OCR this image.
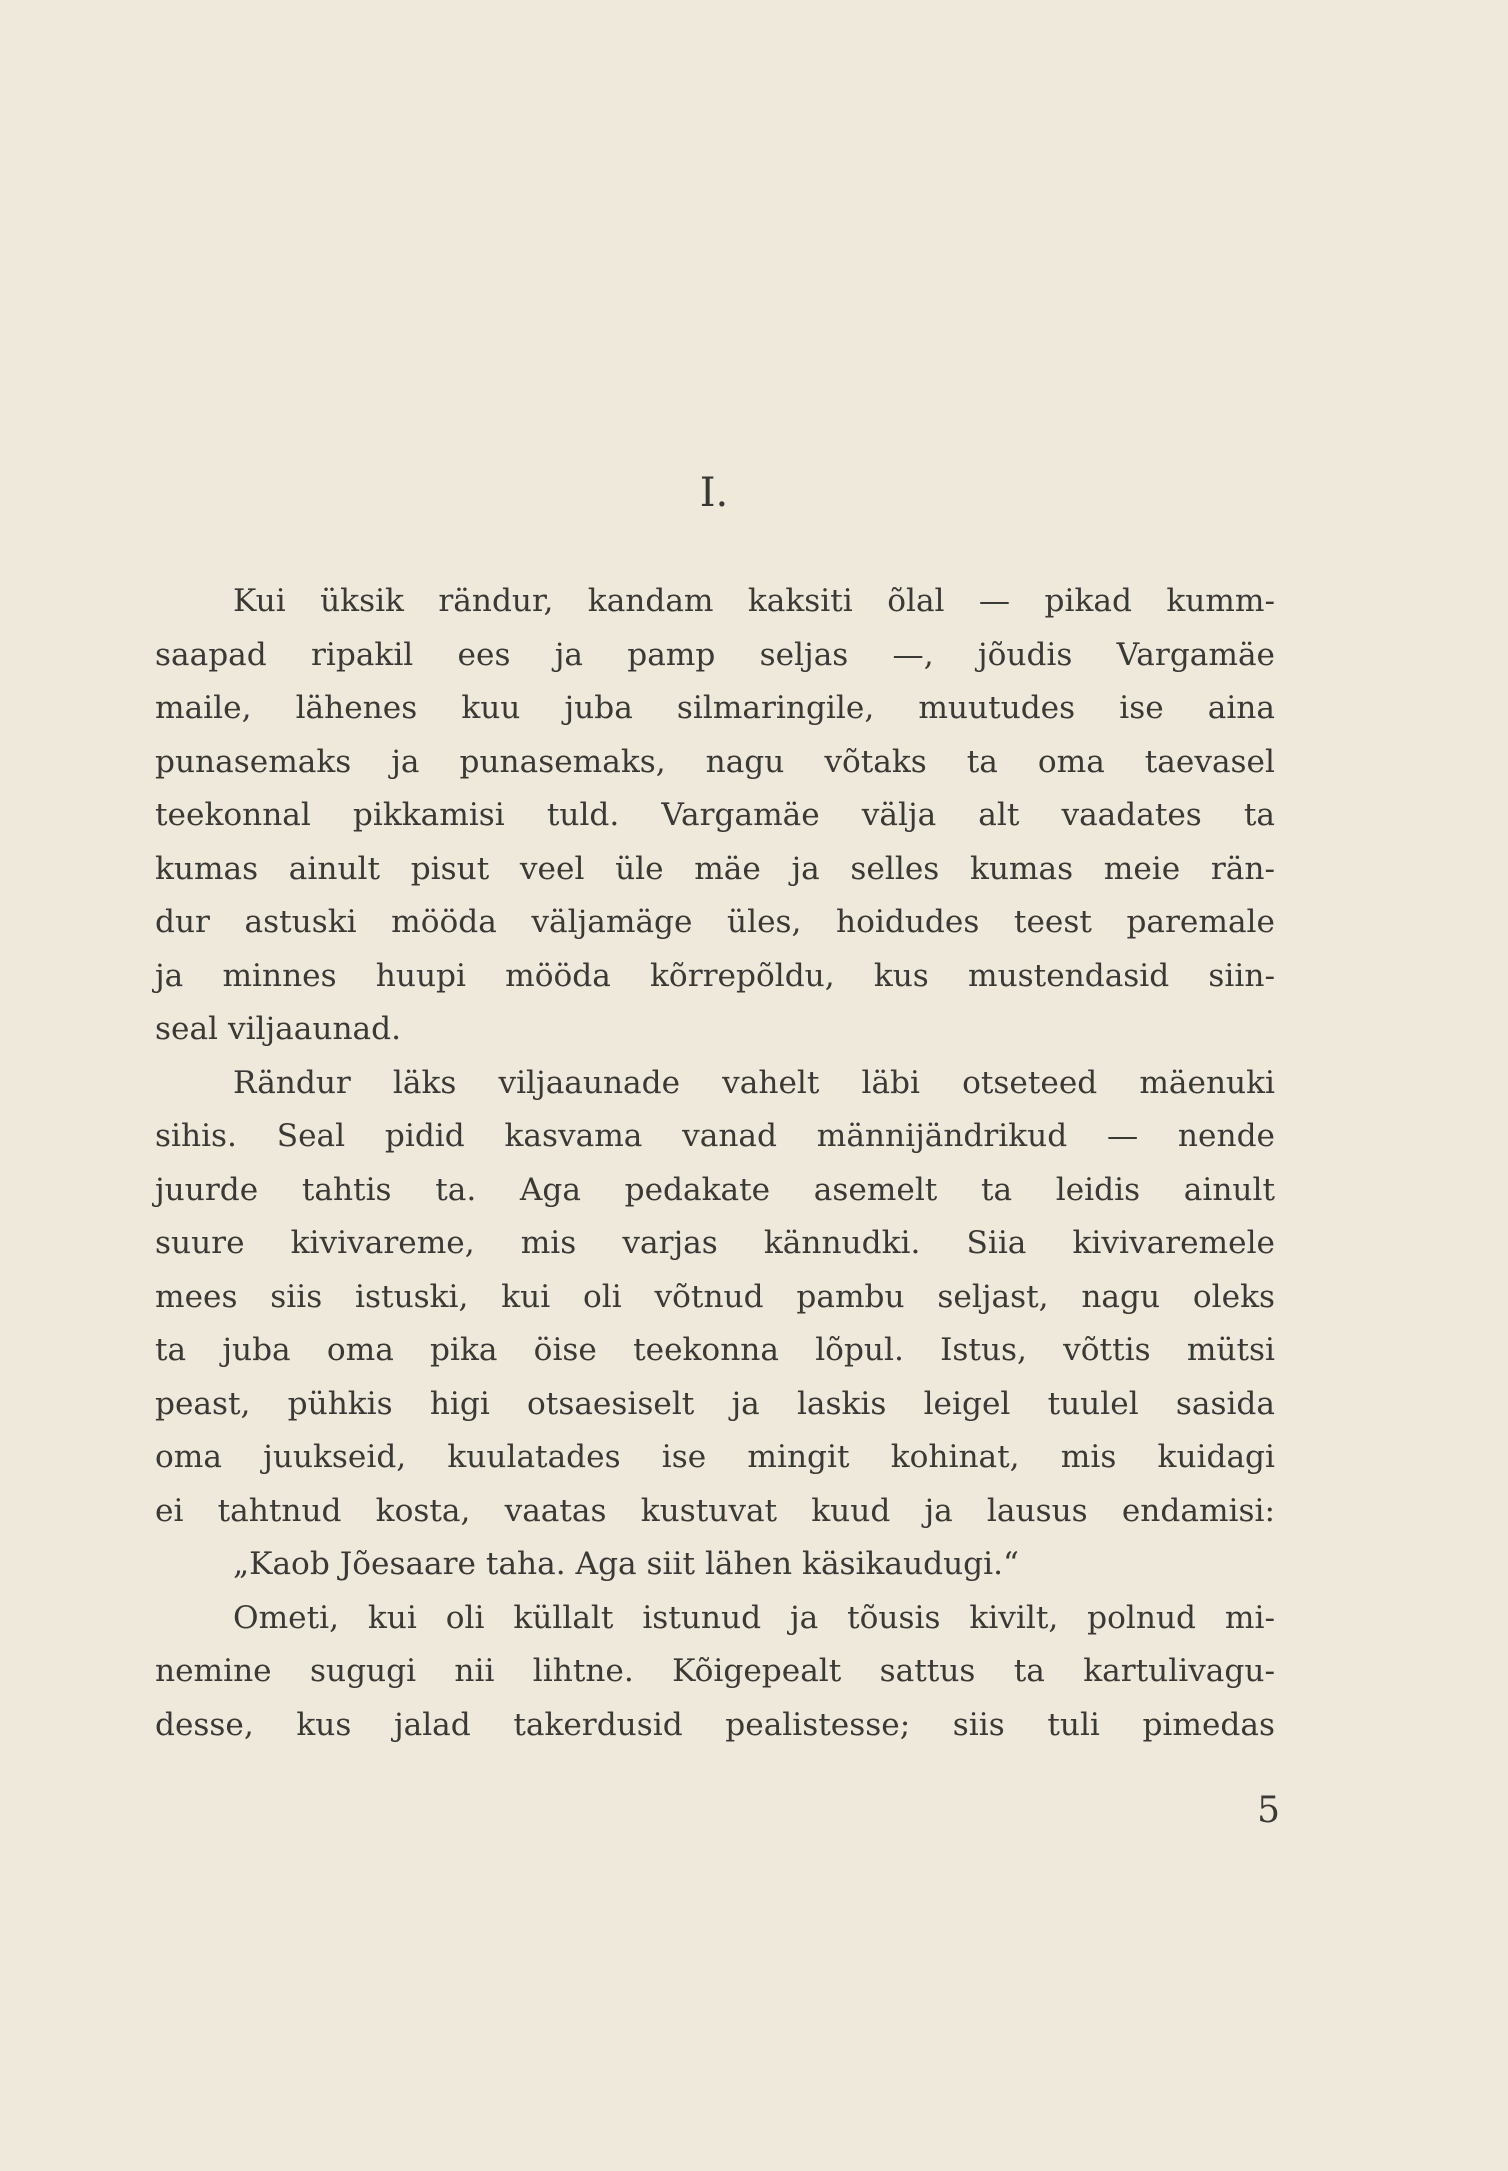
I.
Kui üksik rändur, kandam kaksiti õlal — pikad kumm-
saapad ripakil ees ja pamp seljas —, jõudis Vargamäe
maile, lähenes kuu juba silmaringile, muutudes ise aina
punasemaks ja punasemaks, nagu võtaks ta oma taevasel
teekonnal pikkamisi tuld. Vargamäe välja alt vaadates ta
kumas ainult pisut veel üle mäe ja selles kumas meie rän-
dur astuski mööda väljamäge üles, hoidudes teest paremale
ja minnes huupi mööda kõrrepõldu, kus mustendasid siin-
seal viljaaunad.
Rändur läks viljaaunade vahelt läbi otseteed mäenuki
sihis. Seal pidid kasvama vanad männijändrikud — nende
juurde tahtis ta. Aga pedakate asemelt ta leidis ainult
suure kivivareme, mis varjas kännudki. Siia kivivaremele
mees siis istuski, kui oli võtnud pambu seljast, nagu oleks
ta juba oma pika öise teekonna lõpul. Istus, võttis mütsi
peast, pühkis higi otsaesiselt ja laskis leigel tuulel sasida
oma juukseid, kuulatades ise mingit kohinat, mis kuidagi
ei tahtnud kosta, vaatas kustuvat kuud ja lausus endamisi:
„Kaob Jõesaare taha. Aga siit lähen käsikaudugi.“
Ometi, kui oli küllalt istunud ja tõusis kivilt, polnud mi-
nemine sugugi nii lihtne. Kõigepealt sattus ta kartulivagu-
desse, kus jalad takerdusid pealistesse; siis tuli pimedas
5
